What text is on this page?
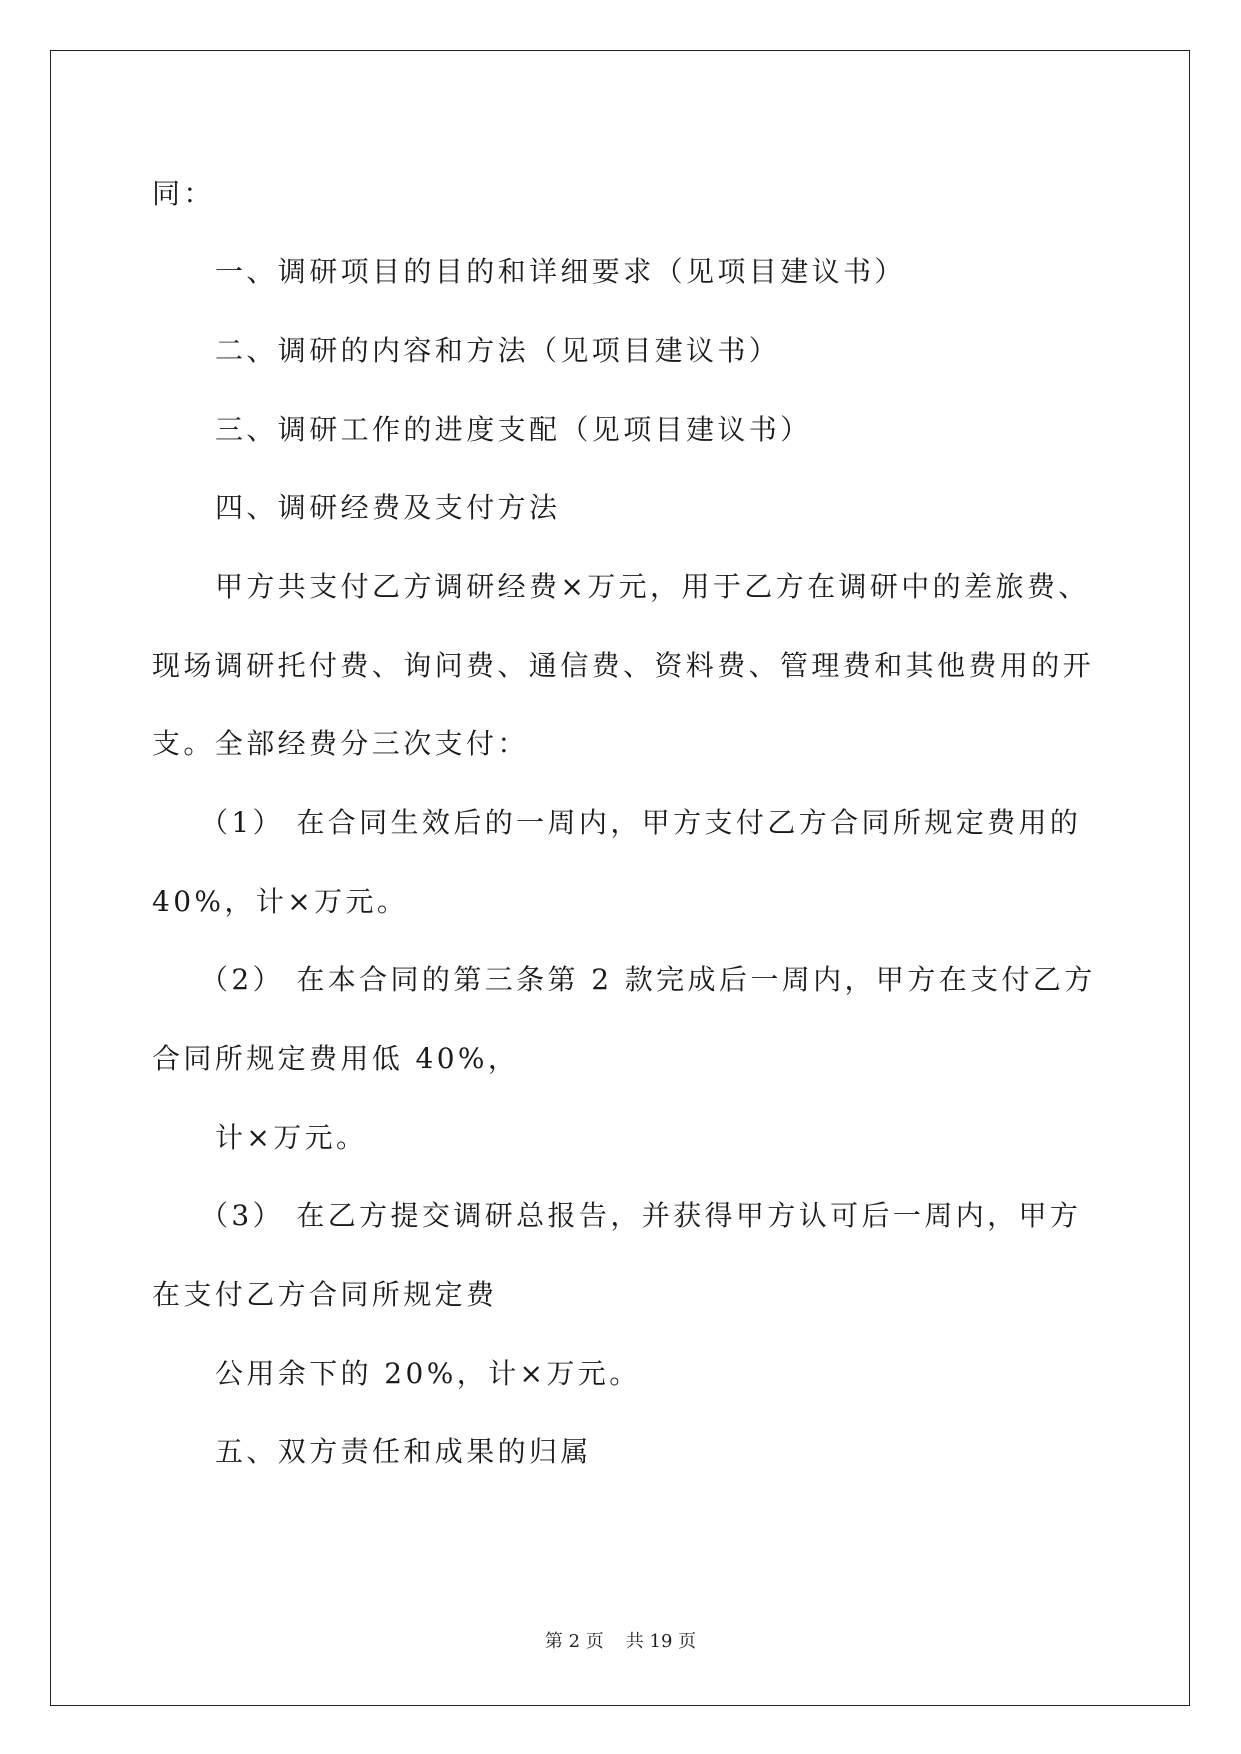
同：
一、调研项目的目的和详细要求（见项目建议书）
二、调研的内容和方法（见项目建议书）
三、调研工作的进度支配（见项目建议书）
四、调研经费及支付方法
甲方共支付乙方调研经费×万元，用于乙方在调研中的差旅费、
现场调研托付费、询问费、通信费、资料费、管理费和其他费用的开
支。全部经费分三次支付：
（1） 在合同生效后的一周内，甲方支付乙方合同所规定费用的
40%，计×万元。
（2） 在本合同的第三条第 2 款完成后一周内，甲方在支付乙方
合同所规定费用低 40%，
计×万元。
（3） 在乙方提交调研总报告，并获得甲方认可后一周内，甲方
在支付乙方合同所规定费
公用余下的 20%，计×万元。
五、双方责任和成果的归属
第 2 页 共 19 页
